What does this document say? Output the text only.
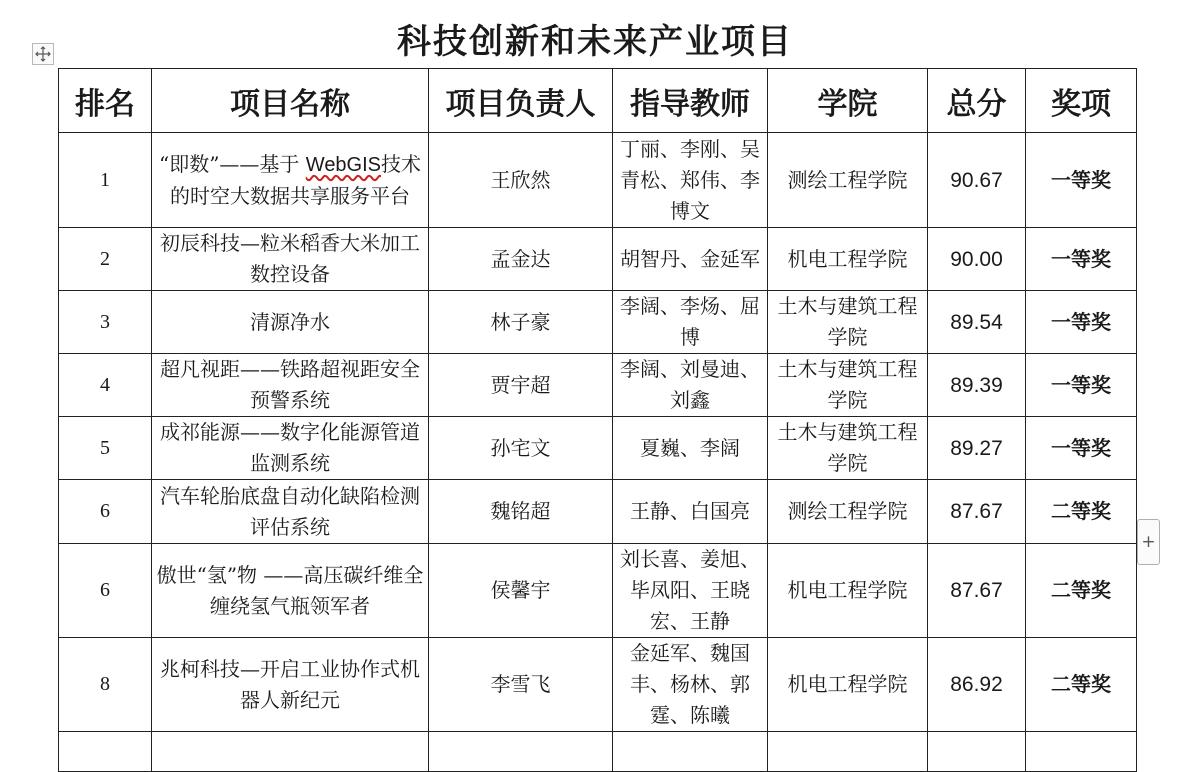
科技创新和未来产业项目
+
排名	项目名称	项目负责人	指导教师	学院	总分	奖项
1	“即数”——基于 WebGIS技术的时空大数据共享服务平台	王欣然	丁丽、李刚、吴青松、郑伟、李博文	测绘工程学院	90.67	一等奖
2	初辰科技—粒米稻香大米加工数控设备	孟金达	胡智丹、金延军	机电工程学院	90.00	一等奖
3	清源净水	林子豪	李阔、李炀、屈博	土木与建筑工程学院	89.54	一等奖
4	超凡视距——铁路超视距安全预警系统	贾宇超	李阔、刘曼迪、刘鑫	土木与建筑工程学院	89.39	一等奖
5	成祁能源——数字化能源管道监测系统	孙宅文	夏巍、李阔	土木与建筑工程学院	89.27	一等奖
6	汽车轮胎底盘自动化缺陷检测评估系统	魏铭超	王静、白国亮	测绘工程学院	87.67	二等奖
6	傲世“氢”物 ——高压碳纤维全缠绕氢气瓶领军者	侯馨宇	刘长喜、姜旭、毕凤阳、王晓宏、王静	机电工程学院	87.67	二等奖
8	兆柯科技—开启工业协作式机器人新纪元	李雪飞	金延军、魏国丰、杨林、郭霆、陈曦	机电工程学院	86.92	二等奖
